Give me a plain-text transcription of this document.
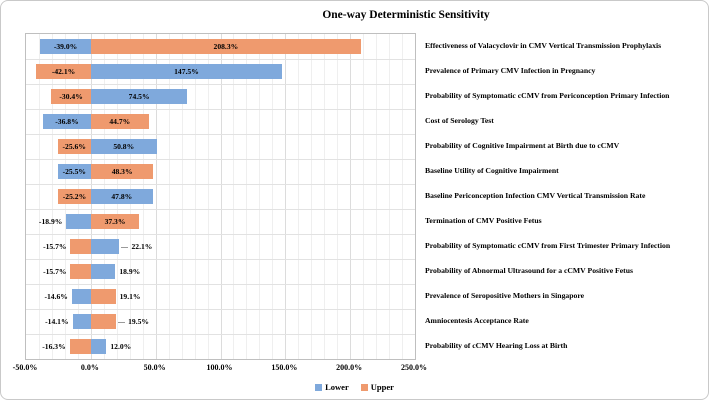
One-way Deterministic Sensitivity
-39.0%	208.3%
147.5%
-42.1%
74.5%
-30.4%
-36.8%	44.7%
50.8%
-25.6%
-25.5%	48.3%
47.8%
-25.2%
-18.9%	37.3%
22.1%
-15.7%
18.9%
-15.7%
-14.6%	19.1%
-14.1%	19.5%
12.0%
-16.3%
Effectiveness of Valacyclovir in CMV Vertical Transmission Prophylaxis
Prevalence of Primary CMV Infection in Pregnancy
Probability of Symptomatic cCMV from Periconception Primary Infection
Cost of Serology Test
Probability of Cognitive Impairment at Birth due to cCMV
Baseline Utility of Cognitive Impairment
Baseline Periconception Infection CMV Vertical Transmission Rate
Termination of CMV Positive Fetus
Probability of Symptomatic cCMV from First Trimester Primary Infection
Probability of Abnormal Ultrasound for a cCMV Positive Fetus
Prevalence of Seropositive Mothers in Singapore
Amniocentesis Acceptance Rate
Probability of cCMV Hearing Loss at Birth
-50.0%	0.0%	50.0%	100.0%	150.0%	200.0%	250.0%
Lower	Upper
